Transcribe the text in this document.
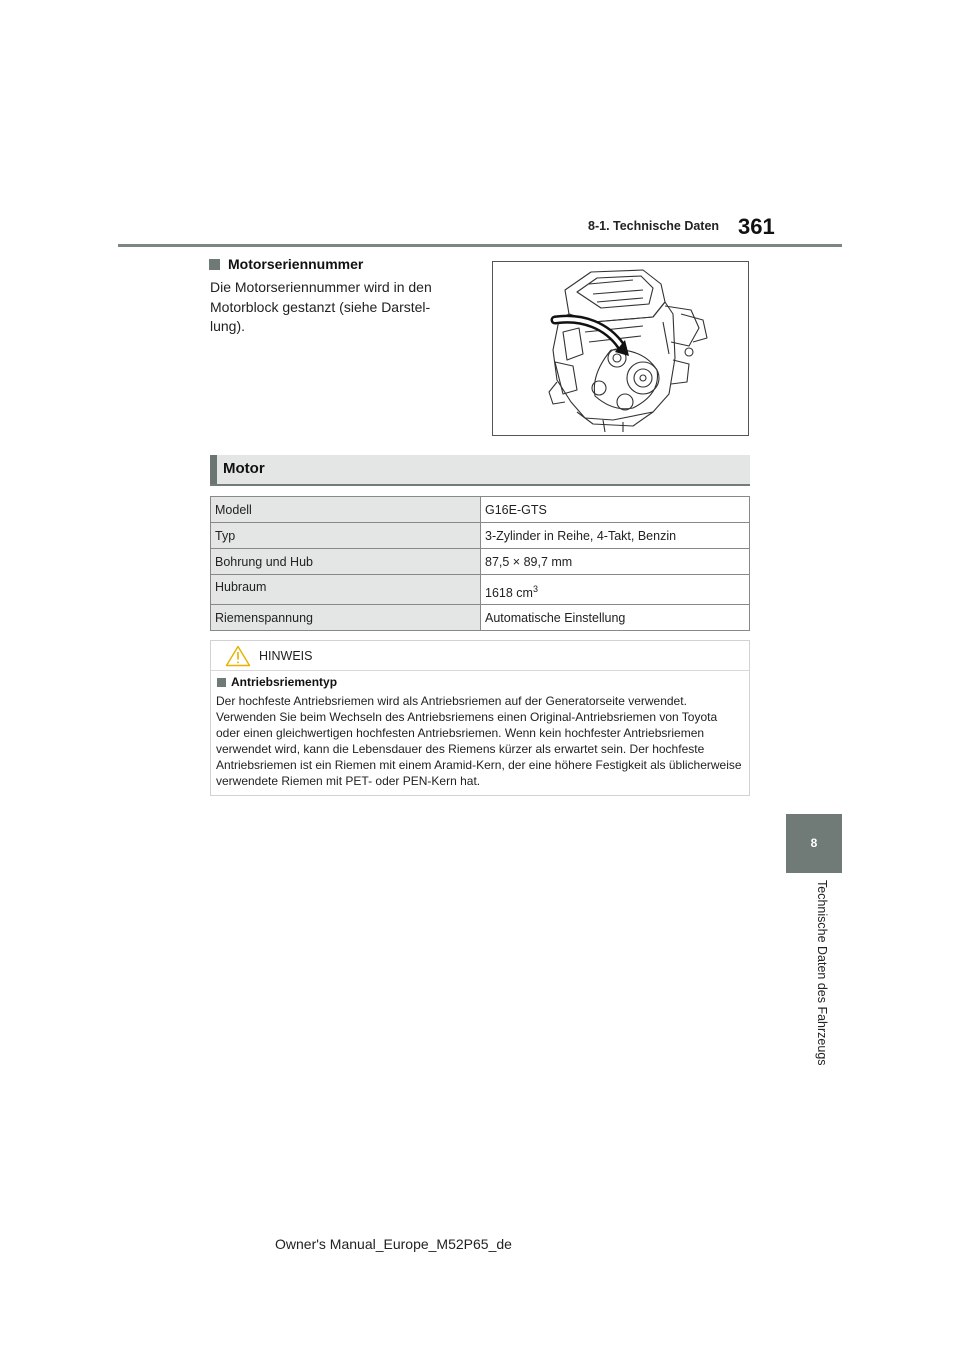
8-1. Technische Daten 361
8
Technische Daten des Fahrzeugs
Motorseriennummer
Die Motorseriennummer wird in den Motorblock gestanzt (siehe Darstel-lung).
Motor
Modell	G16E-GTS
Typ	3-Zylinder in Reihe, 4-Takt, Benzin
Bohrung und Hub	87,5 × 89,7 mm
Hubraum	1618 $cm^3$
Riemenspannung	Automatische Einstellung
HINWEIS
Antriebsriementyp
Der hochfeste Antriebsriemen wird als Antriebsriemen auf der Generatorseite verwendet. Verwenden Sie beim Wechseln des Antriebsriemens einen Original-Antriebsriemen von Toyota oder einen gleichwertigen hochfesten Antriebsriemen. Wenn kein hochfester Antriebsriemen verwendet wird, kann die Lebensdauer des Riemens kürzer als erwartet sein. Der hochfeste Antriebsriemen ist ein Riemen mit einem Aramid-Kern, der eine höhere Festigkeit als üblicherweise verwendete Riemen mit PET- oder PEN-Kern hat.
Owner's Manual_Europe_M52P65_de
